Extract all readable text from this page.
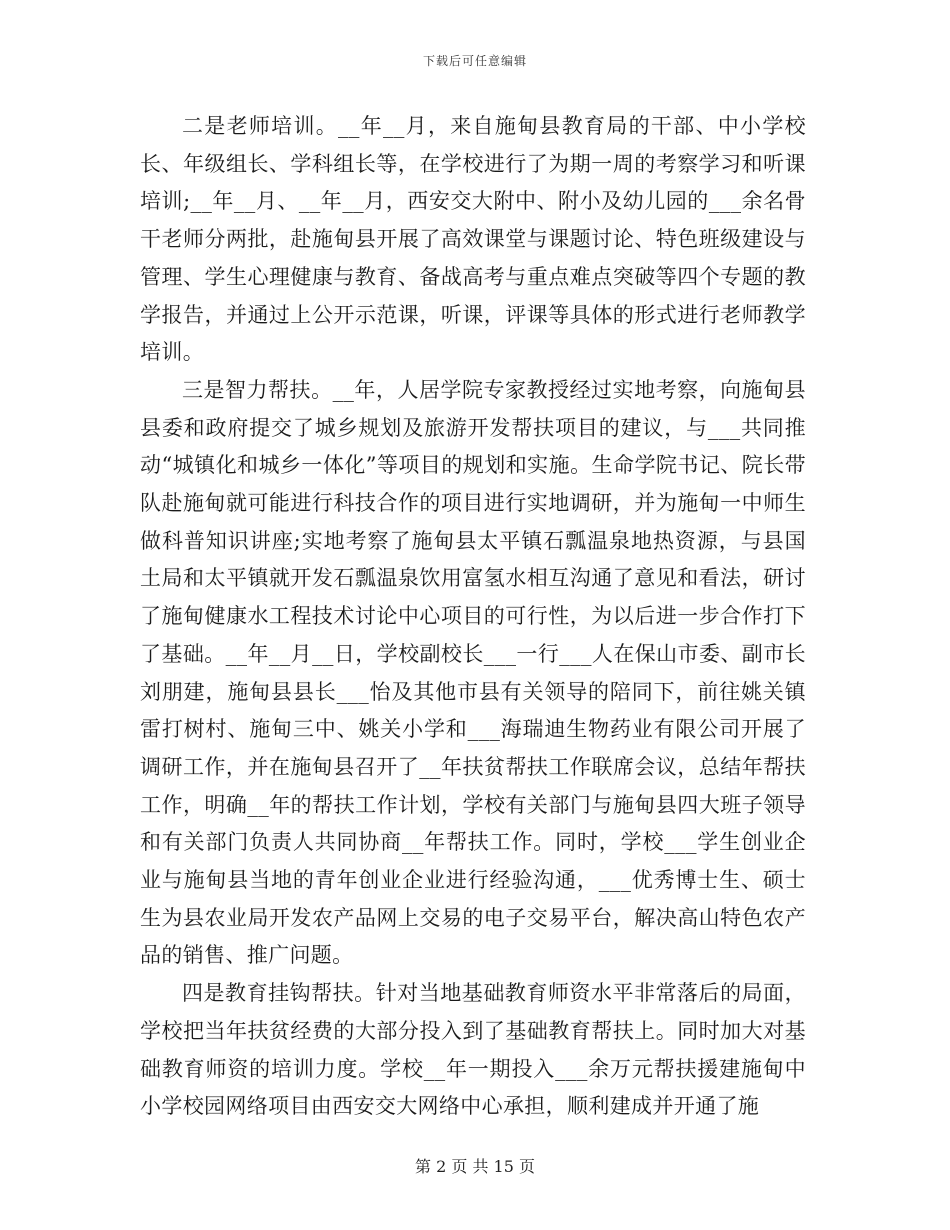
下载后可任意编辑

二是老师培训。__年__月，来自施甸县教育局的干部、中小学校长、年级组长、学科组长等，在学校进行了为期一周的考察学习和听课培训;__年__月、__年__月，西安交大附中、附小及幼儿园的___余名骨干老师分两批，赴施甸县开展了高效课堂与课题讨论、特色班级建设与管理、学生心理健康与教育、备战高考与重点难点突破等四个专题的教学报告，并通过上公开示范课，听课，评课等具体的形式进行老师教学培训。

三是智力帮扶。__年，人居学院专家教授经过实地考察，向施甸县县委和政府提交了城乡规划及旅游开发帮扶项目的建议，与___共同推动“城镇化和城乡一体化”等项目的规划和实施。生命学院书记、院长带队赴施甸就可能进行科技合作的项目进行实地调研，并为施甸一中师生做科普知识讲座;实地考察了施甸县太平镇石瓢温泉地热资源，与县国土局和太平镇就开发石瓢温泉饮用富氢水相互沟通了意见和看法，研讨了施甸健康水工程技术讨论中心项目的可行性，为以后进一步合作打下了基础。__年__月__日，学校副校长___一行___人在保山市委、副市长刘朋建，施甸县县长___怡及其他市县有关领导的陪同下，前往姚关镇雷打树村、施甸三中、姚关小学和___海瑞迪生物药业有限公司开展了调研工作，并在施甸县召开了__年扶贫帮扶工作联席会议，总结年帮扶工作，明确__年的帮扶工作计划，学校有关部门与施甸县四大班子领导和有关部门负责人共同协商__年帮扶工作。同时，学校___学生创业企业与施甸县当地的青年创业企业进行经验沟通，___优秀博士生、硕士生为县农业局开发农产品网上交易的电子交易平台，解决高山特色农产品的销售、推广问题。

四是教育挂钩帮扶。针对当地基础教育师资水平非常落后的局面，学校把当年扶贫经费的大部分投入到了基础教育帮扶上。同时加大对基础教育师资的培训力度。学校__年一期投入___余万元帮扶援建施甸中小学校园网络项目由西安交大网络中心承担，顺利建成并开通了施

第 2 页 共 15 页
